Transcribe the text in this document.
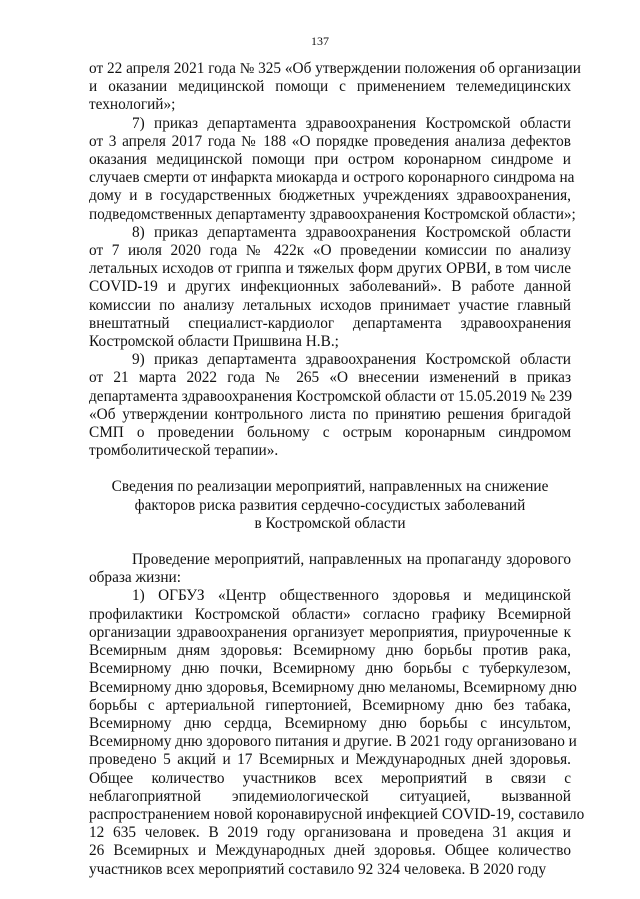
137
от 22 апреля 2021 года № 325 «Об утверждении положения об организации
и оказании медицинской помощи с применением телемедицинских
технологий»;
7) приказ департамента здравоохранения Костромской области
от 3 апреля 2017 года № 188 «О порядке проведения анализа дефектов
оказания медицинской помощи при остром коронарном синдроме и
случаев смерти от инфаркта миокарда и острого коронарного синдрома на
дому и в государственных бюджетных учреждениях здравоохранения,
подведомственных департаменту здравоохранения Костромской области»;
8) приказ департамента здравоохранения Костромской области
от 7 июля 2020 года № 422к «О проведении комиссии по анализу
летальных исходов от гриппа и тяжелых форм других ОРВИ, в том числе
COVID-19 и других инфекционных заболеваний». В работе данной
комиссии по анализу летальных исходов принимает участие главный
внештатный специалист-кардиолог департамента здравоохранения
Костромской области Пришвина Н.В.;
9) приказ департамента здравоохранения Костромской области
от 21 марта 2022 года № 265 «О внесении изменений в приказ
департамента здравоохранения Костромской области от 15.05.2019 № 239
«Об утверждении контрольного листа по принятию решения бригадой
СМП о проведении больному с острым коронарным синдромом
тромболитической терапии».
Сведения по реализации мероприятий, направленных на снижение
факторов риска развития сердечно-сосудистых заболеваний
в Костромской области
Проведение мероприятий, направленных на пропаганду здорового
образа жизни:
1) ОГБУЗ «Центр общественного здоровья и медицинской
профилактики Костромской области» согласно графику Всемирной
организации здравоохранения организует мероприятия, приуроченные к
Всемирным дням здоровья: Всемирному дню борьбы против рака,
Всемирному дню почки, Всемирному дню борьбы с туберкулезом,
Всемирному дню здоровья, Всемирному дню меланомы, Всемирному дню
борьбы с артериальной гипертонией, Всемирному дню без табака,
Всемирному дню сердца, Всемирному дню борьбы с инсультом,
Всемирному дню здорового питания и другие. В 2021 году организовано и
проведено 5 акций и 17 Всемирных и Международных дней здоровья.
Общее количество участников всех мероприятий в связи с
неблагоприятной эпидемиологической ситуацией, вызванной
распространением новой коронавирусной инфекцией COVID-19, составило
12 635 человек. В 2019 году организована и проведена 31 акция и
26 Всемирных и Международных дней здоровья. Общее количество
участников всех мероприятий составило 92 324 человека. В 2020 году
